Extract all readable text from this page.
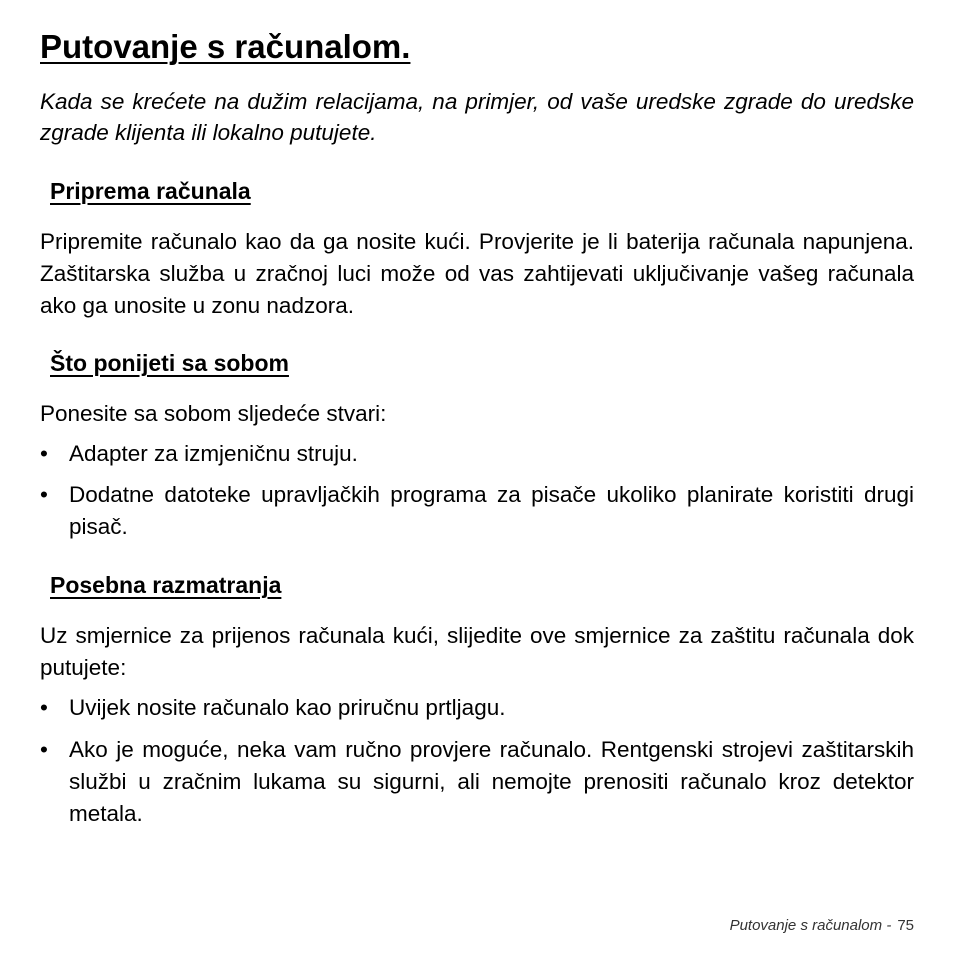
Putovanje s računalom.

Kada se krećete na dužim relacijama, na primjer, od vaše uredske zgrade do uredske zgrade klijenta ili lokalno putujete.

Priprema računala

Pripremite računalo kao da ga nosite kući. Provjerite je li baterija računala napunjena. Zaštitarska služba u zračnoj luci može od vas zahtijevati uključivanje vašeg računala ako ga unosite u zonu nadzora.

Što ponijeti sa sobom

Ponesite sa sobom sljedeće stvari:

• Adapter za izmjeničnu struju.
• Dodatne datoteke upravljačkih programa za pisače ukoliko planirate koristiti drugi pisač.
Posebna razmatranja

Uz smjernice za prijenos računala kući, slijedite ove smjernice za zaštitu računala dok putujete:

• Uvijek nosite računalo kao priručnu prtljagu.
• Ako je moguće, neka vam ručno provjere računalo. Rentgenski strojevi zaštitarskih službi u zračnim lukama su sigurni, ali nemojte prenositi računalo kroz detektor metala.
Putovanje s računalom - 75
